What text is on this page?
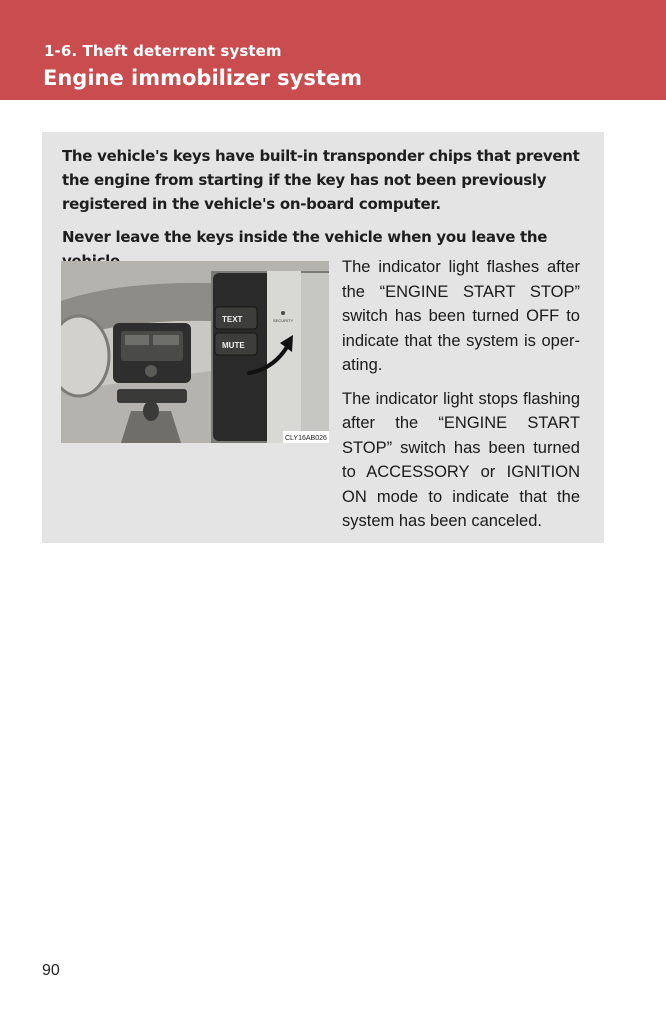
1-6. Theft deterrent system
Engine immobilizer system

The vehicle's keys have built-in transponder chips that prevent the engine from starting if the key has not been previously registered in the vehicle's on-board computer.

Never leave the keys inside the vehicle when you leave the

TEXT
MUTE
SECURITY
CLY16AB026

The indicator light flashes after the “ENGINE START STOP” switch has been turned OFF to indicate that the system is oper-ating.

The indicator light stops flashing after the “ENGINE START STOP” switch has been turned to ACCESSORY or IGNITION ON mode to indicate that the system has been canceled.

90
